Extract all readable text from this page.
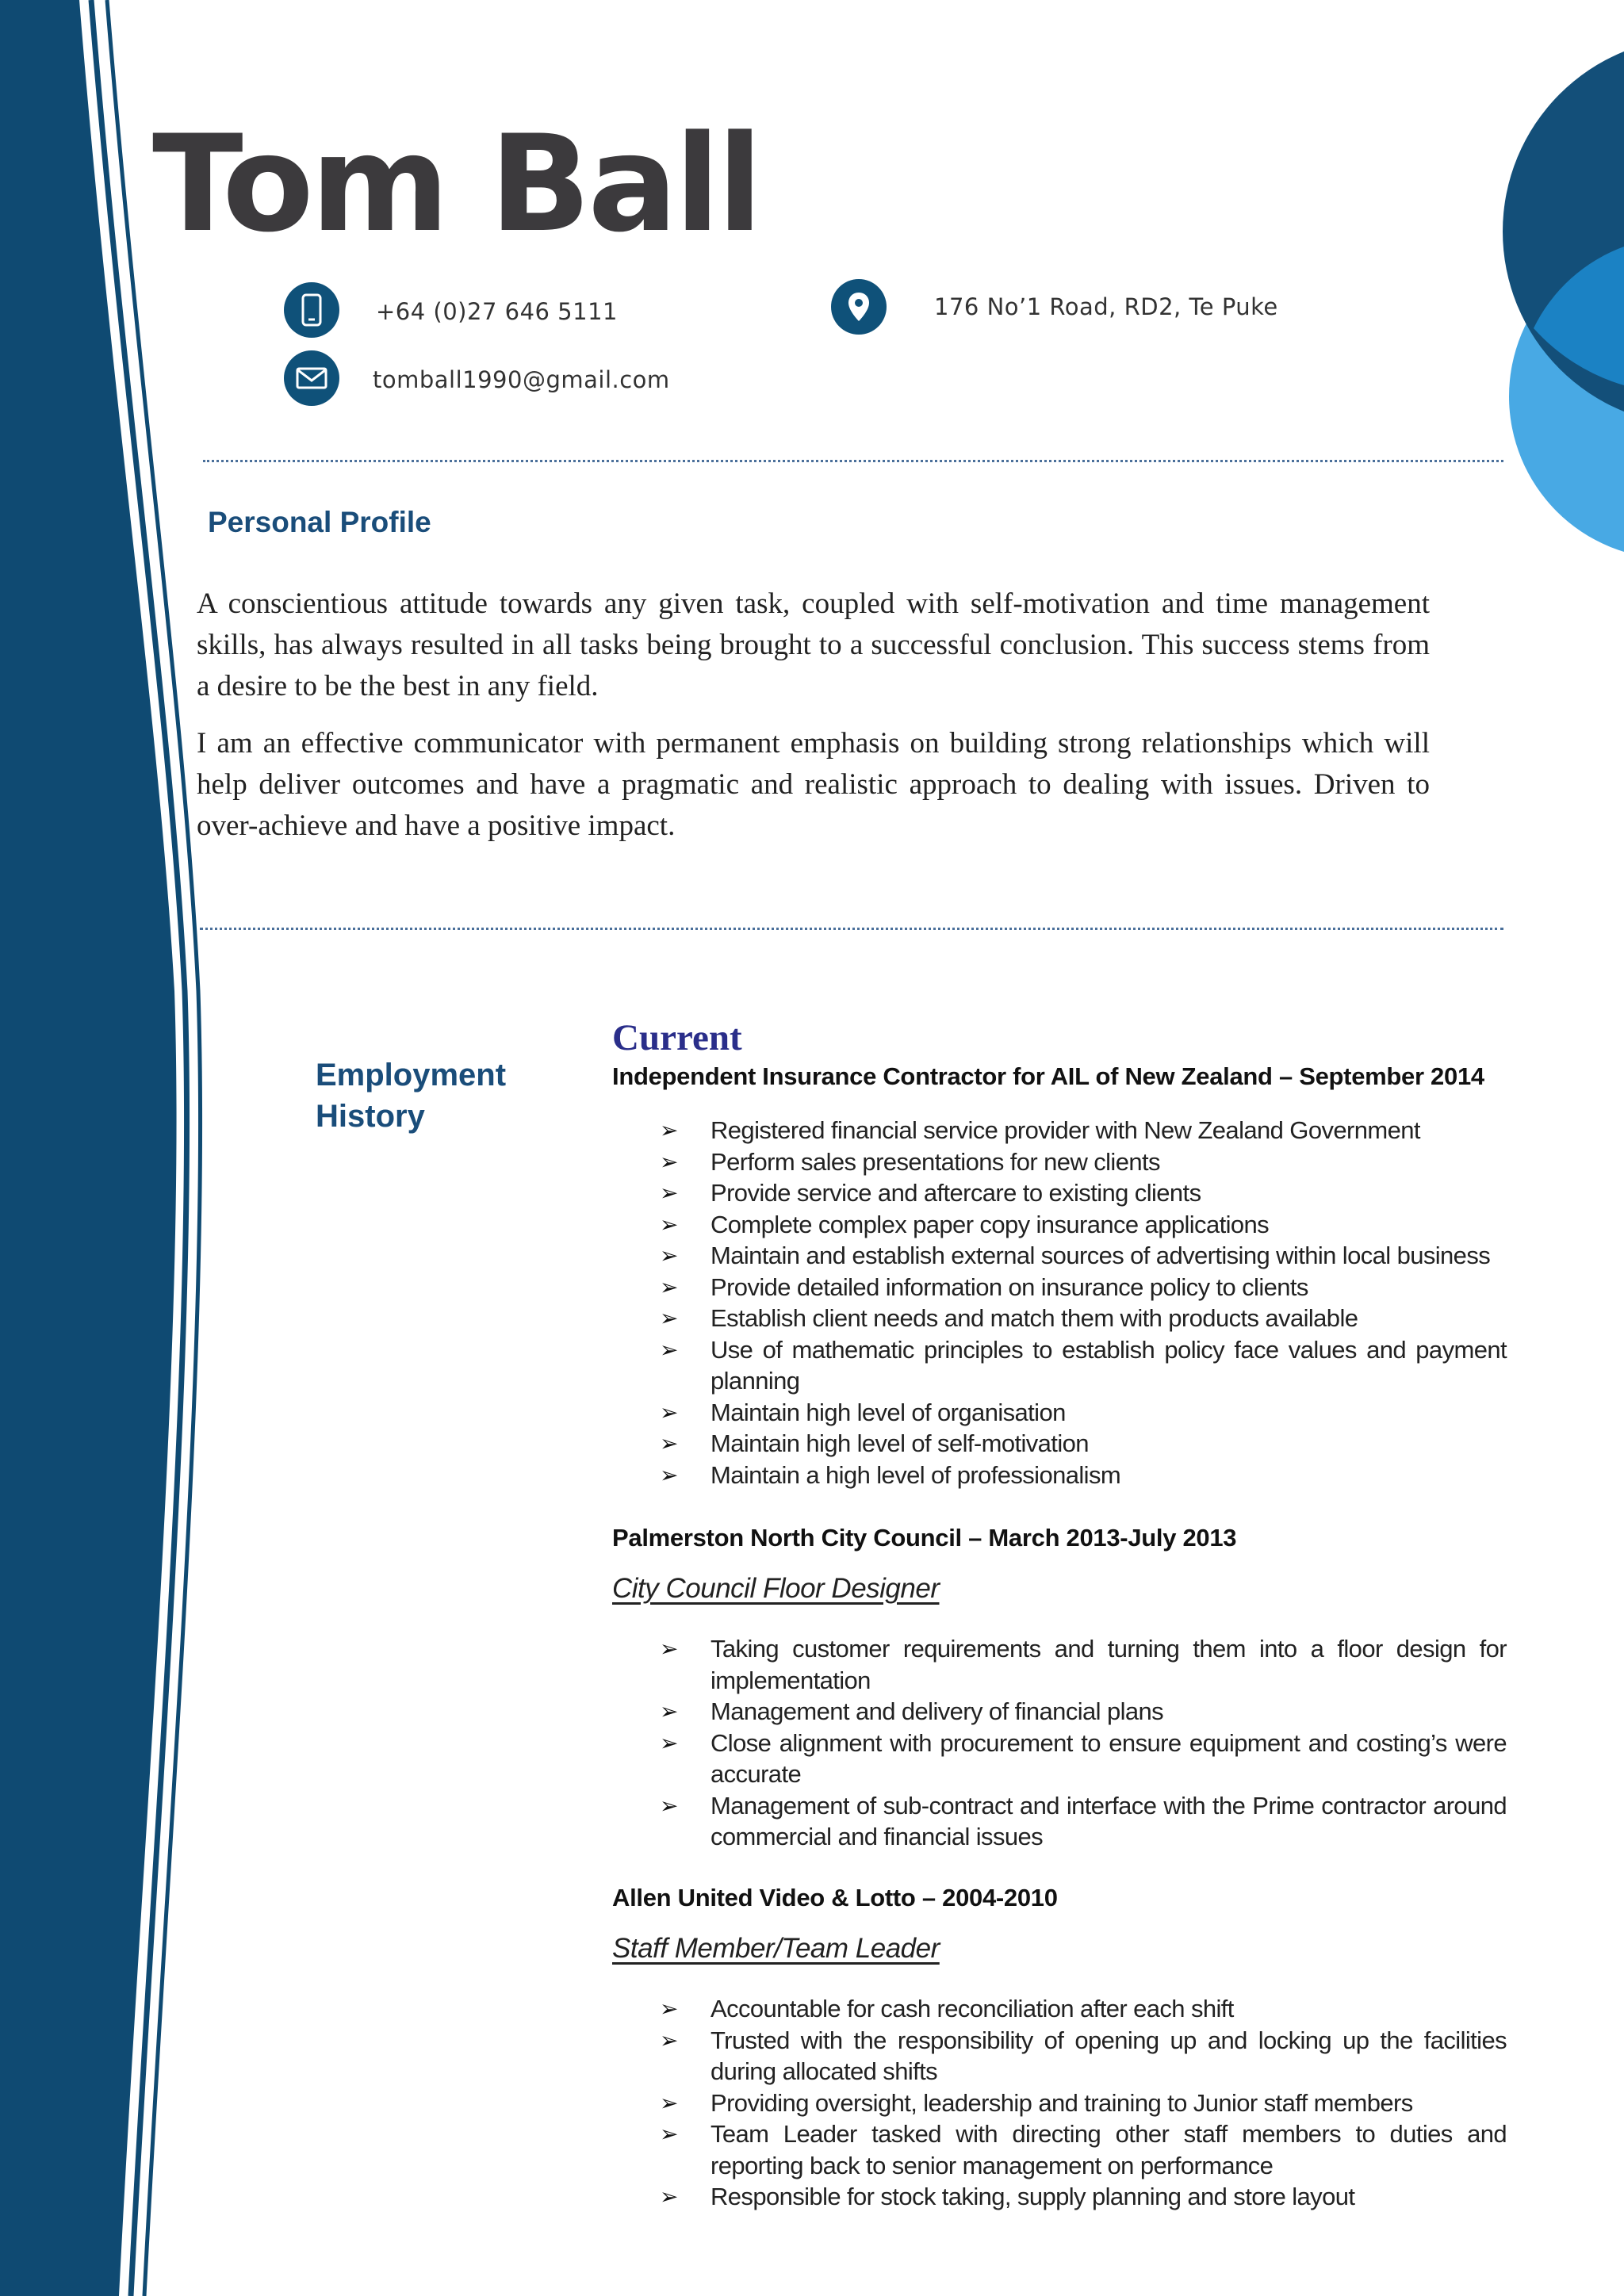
Tom Ball
+64 (0)27 646 5111
tomball1990@gmail.com
176 No’1 Road, RD2, Te Puke
Personal Profile

A conscientious attitude towards any given task, coupled with self-motivation and time management skills, has always resulted in all tasks being brought to a successful conclusion. This success stems from a desire to be the best in any field.

I am an effective communicator with permanent emphasis on building strong relationships which will help deliver outcomes and have a pragmatic and realistic approach to dealing with issues. Driven to over-achieve and have a positive impact.

Employment History
Current
Independent Insurance Contractor for AIL of New Zealand – September 2014
➢ Registered financial service provider with New Zealand Government
➢ Perform sales presentations for new clients
➢ Provide service and aftercare to existing clients
➢ Complete complex paper copy insurance applications
➢ Maintain and establish external sources of advertising within local business
➢ Provide detailed information on insurance policy to clients
➢ Establish client needs and match them with products available
➢ Use of mathematic principles to establish policy face values and payment planning
➢ Maintain high level of organisation
➢ Maintain high level of self-motivation
➢ Maintain a high level of professionalism
Palmerston North City Council – March 2013-July 2013
City Council Floor Designer
➢ Taking customer requirements and turning them into a floor design for implementation
➢ Management and delivery of financial plans
➢ Close alignment with procurement to ensure equipment and costing’s were accurate
➢ Management of sub-contract and interface with the Prime contractor around commercial and financial issues
Allen United Video & Lotto – 2004-2010
Staff Member/Team Leader
➢ Accountable for cash reconciliation after each shift
➢ Trusted with the responsibility of opening up and locking up the facilities during allocated shifts
➢ Providing oversight, leadership and training to Junior staff members
➢ Team Leader tasked with directing other staff members to duties and reporting back to senior management on performance
➢ Responsible for stock taking, supply planning and store layout
